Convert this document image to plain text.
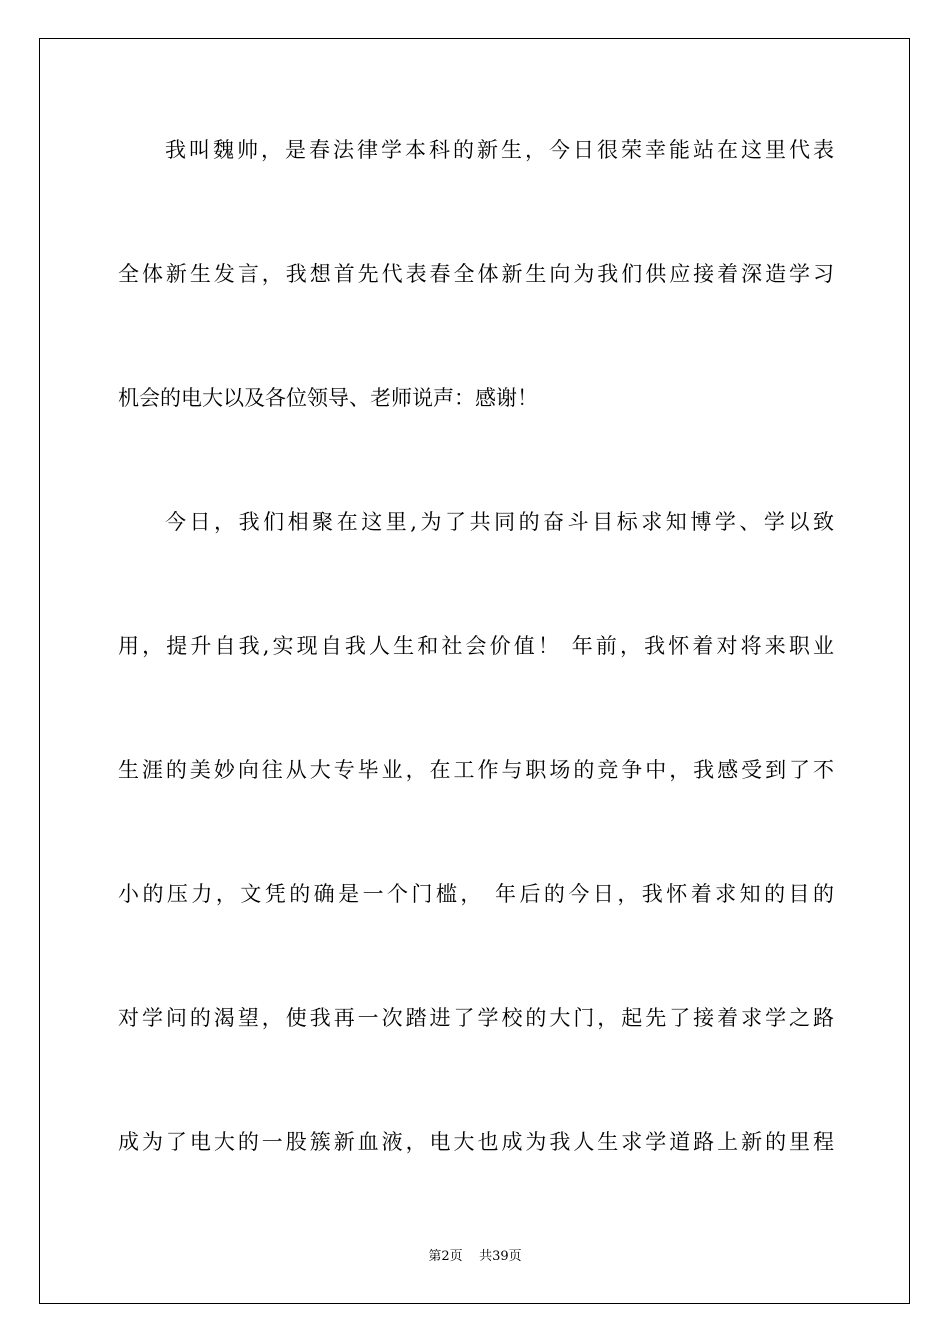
我叫魏帅，是春法律学本科的新生，今日很荣幸能站在这里代表
全体新生发言，我想首先代表春全体新生向为我们供应接着深造学习
机会的电大以及各位领导、老师说声：感谢！
今日，我们相聚在这里,为了共同的奋斗目标求知博学、学以致
用，提升自我,实现自我人生和社会价值！ 年前，我怀着对将来职业
生涯的美妙向往从大专毕业，在工作与职场的竞争中，我感受到了不
小的压力，文凭的确是一个门槛， 年后的今日，我怀着求知的目的
对学问的渴望，使我再一次踏进了学校的大门，起先了接着求学之路
成为了电大的一股簇新血液，电大也成为我人生求学道路上新的里程
第2页 共39页
